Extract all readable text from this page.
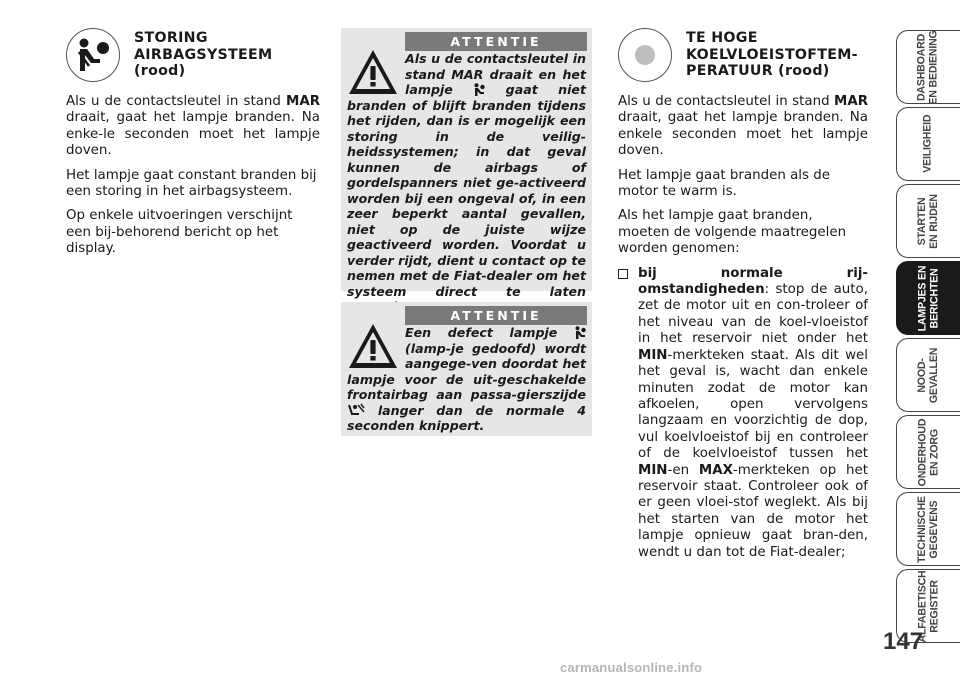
STORING AIRBAGSYSTEEM (rood)

Als u de contactsleutel in stand MAR draait, gaat het lampje branden. Na enke-le seconden moet het lampje doven.

Het lampje gaat constant branden bij een storing in het airbagsysteem.

Op enkele uitvoeringen verschijnt een bij-behorend bericht op het display.

ATTENTIE
Als u de contactsleutel in stand MAR draait en het lampje	gaat niet branden of blijft branden tijdens het rijden, dan is er mogelijk een storing in de veilig-heidssystemen; in dat geval kunnen de airbags of gordelspanners niet ge-activeerd worden bij een ongeval of, in een zeer beperkt aantal gevallen, niet op de juiste wijze geactiveerd worden. Voordat u verder rijdt, dient u contact op te nemen met de Fiat-dealer om het systeem direct te laten
ATTENTIE
Een defect lampje  (lamp-je gedoofd) wordt aangege-ven doordat het lampje voor de uit-geschakelde frontairbag aan passa-gierszijde  langer dan de normale 4 seconden knippert.
TE HOGE KOELVLOEISTOFTEM-PERATUUR (rood)

Als u de contactsleutel in stand MAR draait, gaat het lampje branden. Na enkele seconden moet het lampje doven.

Het lampje gaat branden als de motor te warm is.

Als het lampje gaat branden, moeten de volgende maatregelen worden genomen:

bij normale rij-omstandigheden: stop de auto, zet de motor uit en con-troleer of het niveau van de koel-vloeistof in het reservoir niet onder het MIN-merkteken staat. Als dit wel het geval is, wacht dan enkele minuten zodat de motor kan afkoelen, open vervolgens langzaam en voorzichtig de dop, vul koelvloeistof bij en controleer of de koelvloeistof tussen het MIN-en MAX-merkteken op het reservoir staat. Controleer ook of er geen vloei-stof weglekt. Als bij het starten van de motor het lampje opnieuw gaat bran-den, wendt u dan tot de Fiat-dealer;
DASHBOARD
EN BEDIENING
VEILIGHEID
STARTEN
EN RIJDEN
LAMPJES EN
BERICHTEN
NOOD-
GEVALLEN
ONDERHOUD
EN ZORG
TECHNISCHE
GEGEVENS
ALFABETISCH
REGISTER
147
carmanualsonline.info
